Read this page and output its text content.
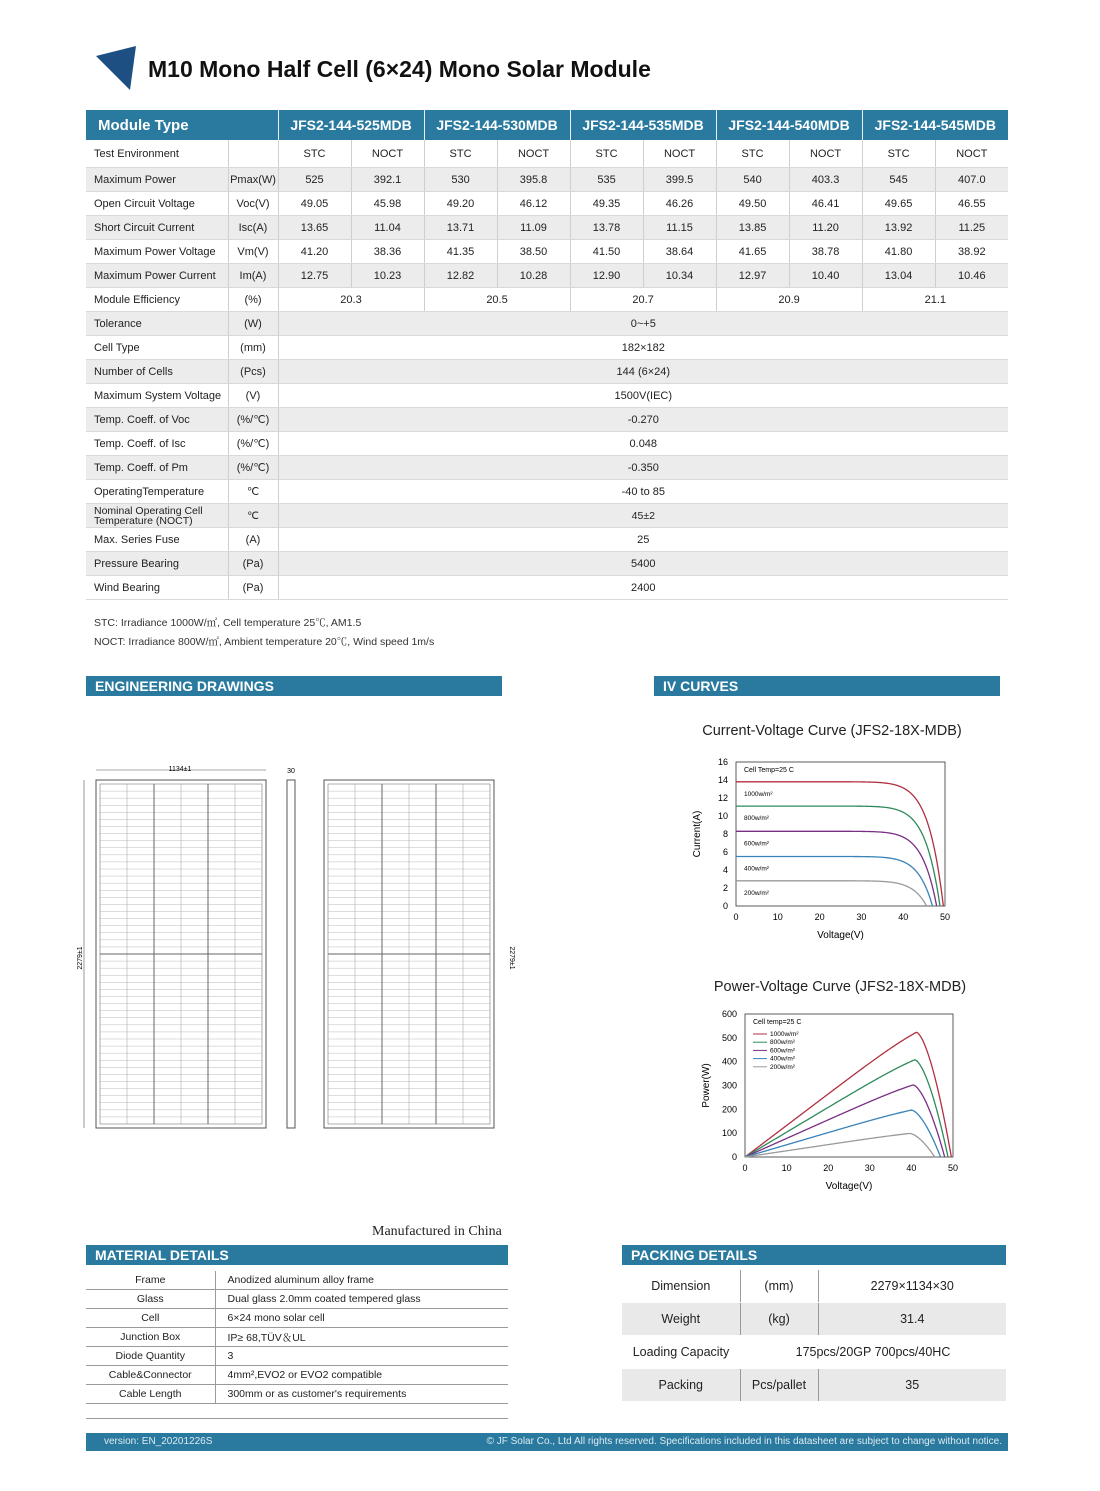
M10 Mono Half Cell (6×24) Mono Solar Module
Module Type		JFS2-144-525MDB		JFS2-144-530MDB		JFS2-144-535MDB		JFS2-144-540MDB		JFS2-144-545MDB	
Test Environment		STC	NOCT	STC	NOCT	STC	NOCT	STC	NOCT	STC	NOCT
Maximum Power	Pmax(W)	525	392.1	530	395.8	535	399.5	540	403.3	545	407.0
Open Circuit Voltage	Voc(V)	49.05	45.98	49.20	46.12	49.35	46.26	49.50	46.41	49.65	46.55
Short Circuit Current	Isc(A)	13.65	11.04	13.71	11.09	13.78	11.15	13.85	11.20	13.92	11.25
Maximum Power Voltage	Vm(V)	41.20	38.36	41.35	38.50	41.50	38.64	41.65	38.78	41.80	38.92
Maximum Power Current	Im(A)	12.75	10.23	12.82	10.28	12.90	10.34	12.97	10.40	13.04	10.46
Module Efficiency	(%)	20.3		20.5		20.7		20.9		21.1	
Tolerance	(W)	0~+5									
Cell Type	(mm)	182×182									
Number of Cells	(Pcs)	144 (6×24)									
Maximum System Voltage	(V)	1500V(IEC)									
Temp. Coeff. of Voc	(%/℃)	-0.270									
Temp. Coeff. of Isc	(%/℃)	0.048									
Temp. Coeff. of Pm	(%/℃)	-0.350									
OperatingTemperature	℃	-40 to 85									
Nominal Operating Cell Temperature (NOCT)	℃	45±2									
Max. Series Fuse	(A)	25									
Pressure Bearing	(Pa)	5400									
Wind Bearing	(Pa)	2400									
STC: Irradiance 1000W/㎡, Cell temperature 25℃, AM1.5
NOCT: Irradiance 800W/㎡, Ambient temperature 20℃, Wind speed 1m/s
ENGINEERING DRAWINGS
1134±1	30
2279±1	2279±1
IV CURVES
Current-Voltage Curve (JFS2-18X-MDB)
0	10	20	30	40	50
0
2
4
6
8
10
12
14
16
Voltage(V)
Current(A)
Cell Temp=25 C
1000w/m²
800w/m²
600w/m²
400w/m²
200w/m²
Power-Voltage Curve (JFS2-18X-MDB)
0	10	20	30	40	50
0
100
200
300
400
500
600
Voltage(V)
Power(W)
Cell temp=25 C
1000w/m²
800w/m²
600w/m²
400w/m²
200w/m²
Manufactured in China
MATERIAL DETAILS
Frame	Anodized aluminum alloy frame
Glass	Dual glass 2.0mm coated tempered glass
Cell	6×24 mono solar cell
Junction Box	IP≥ 68,TÜV＆UL
Diode Quantity	3
Cable&Connector	4mm²,EVO2 or EVO2 compatible
Cable Length	300mm or as customer's requirements
PACKING DETAILS
Dimension	(mm)	2279×1134×30
Weight	(kg)	31.4
Loading Capacity	175pcs/20GP 700pcs/40HC	
Packing	Pcs/pallet	35
version: EN_20201226S	© JF Solar Co., Ltd All rights reserved. Specifications included in this datasheet are subject to change without notice.
